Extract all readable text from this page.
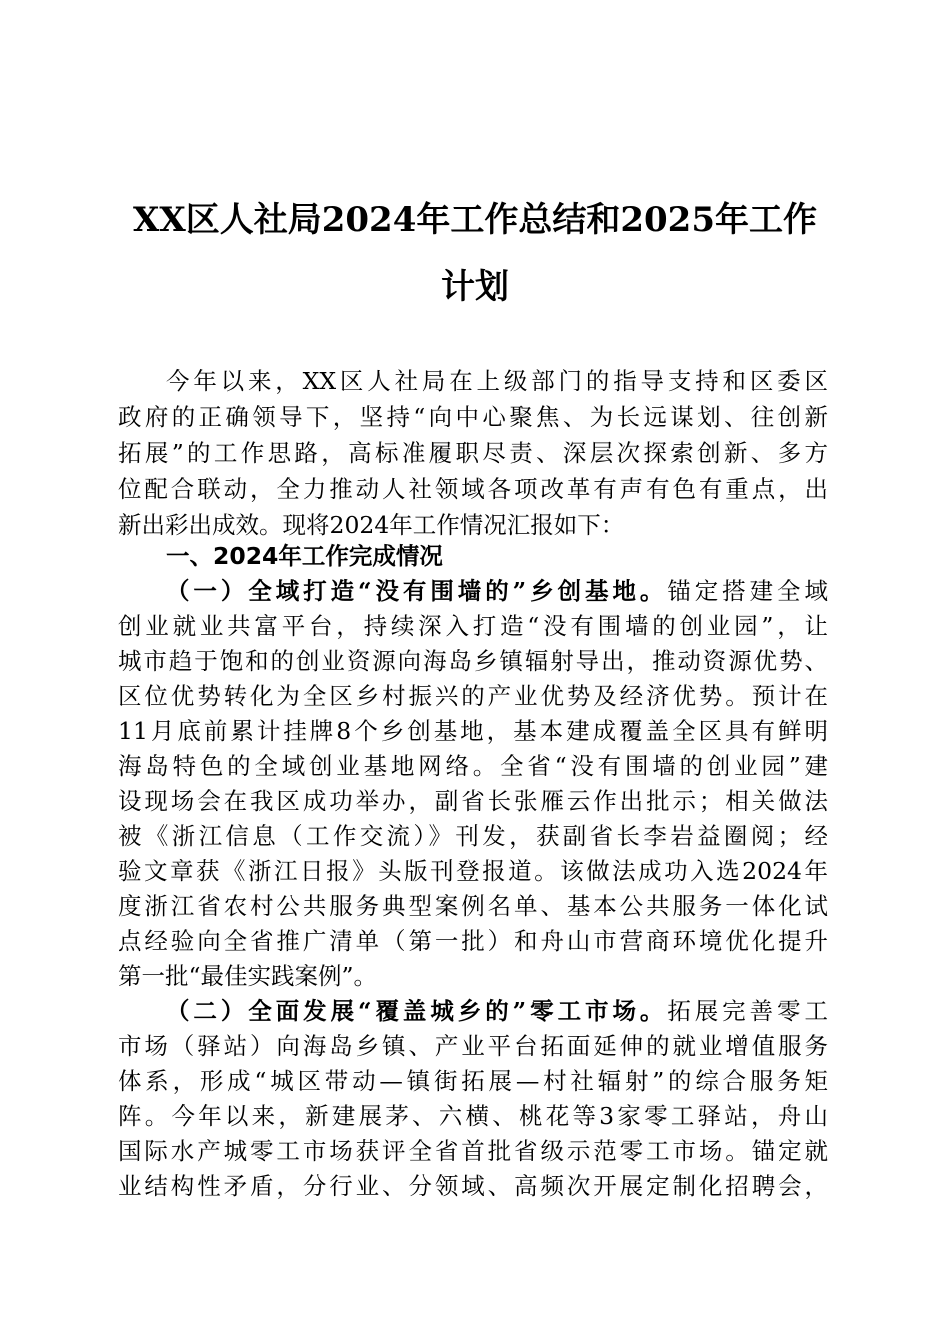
XX区人社局2024年工作总结和2025年工作
计划
今年以来，XX区人社局在上级部门的指导支持和区委区
政府的正确领导下，坚持“向中心聚焦、为长远谋划、往创新
拓展”的工作思路，高标准履职尽责、深层次探索创新、多方
位配合联动，全力推动人社领域各项改革有声有色有重点，出
新出彩出成效。现将2024年工作情况汇报如下：
一、2024年工作完成情况
（一）全域打造“没有围墙的”乡创基地。锚定搭建全域
创业就业共富平台，持续深入打造“没有围墙的创业园”，让
城市趋于饱和的创业资源向海岛乡镇辐射导出，推动资源优势、
区位优势转化为全区乡村振兴的产业优势及经济优势。预计在
11月底前累计挂牌8个乡创基地，基本建成覆盖全区具有鲜明
海岛特色的全域创业基地网络。全省“没有围墙的创业园”建
设现场会在我区成功举办，副省长张雁云作出批示；相关做法
被《浙江信息（工作交流）》刊发，获副省长李岩益圈阅；经
验文章获《浙江日报》头版刊登报道。该做法成功入选2024年
度浙江省农村公共服务典型案例名单、基本公共服务一体化试
点经验向全省推广清单（第一批）和舟山市营商环境优化提升
第一批“最佳实践案例”。
（二）全面发展“覆盖城乡的”零工市场。拓展完善零工
市场（驿站）向海岛乡镇、产业平台拓面延伸的就业增值服务
体系，形成“城区带动—镇街拓展—村社辐射”的综合服务矩
阵。今年以来，新建展茅、六横、桃花等3家零工驿站，舟山
国际水产城零工市场获评全省首批省级示范零工市场。锚定就
业结构性矛盾，分行业、分领域、高频次开展定制化招聘会，
